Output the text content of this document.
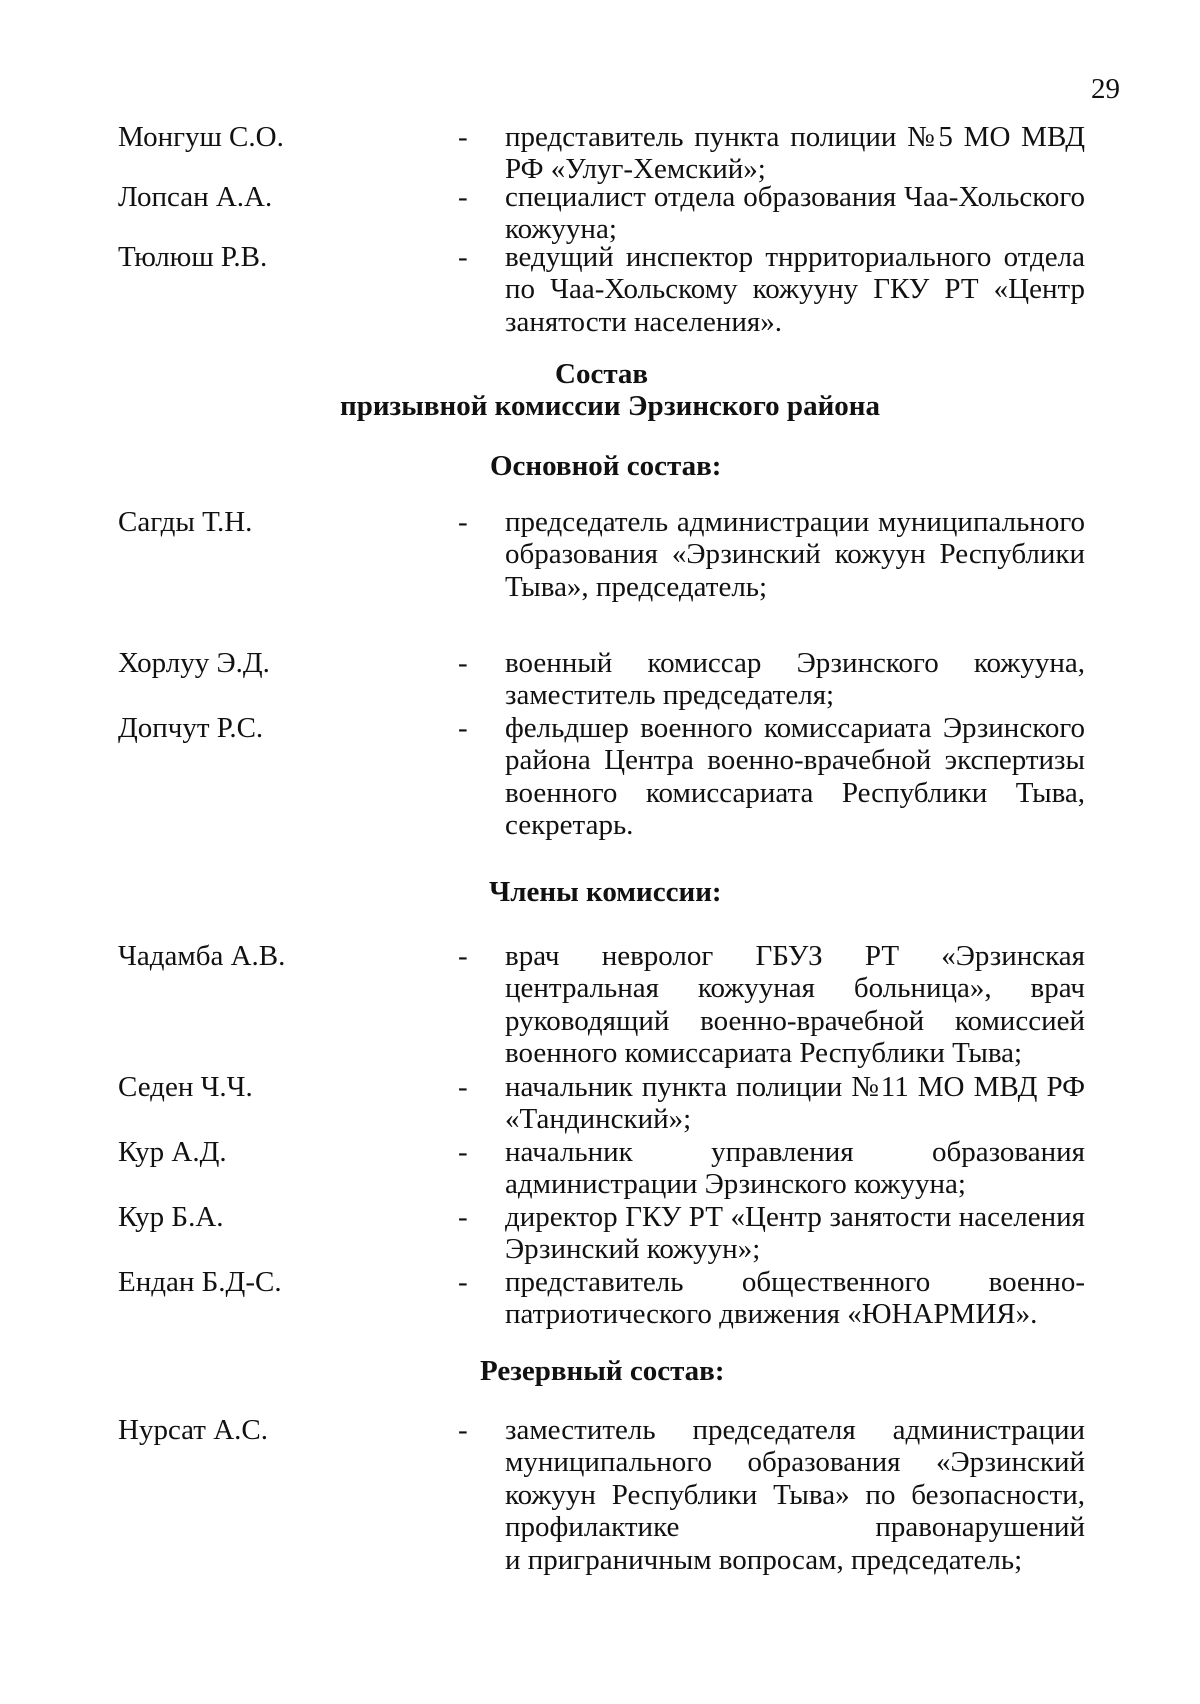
29
Монгуш С.О.	- представитель пункта полиции №5 МО МВД
РФ «Улуг-Хемский»;
Лопсан А.А.	- специалист отдела образования Чаа-Хольского
кожууна;
Тюлюш Р.В.	- ведущий инспектор тнрриториального отдела
по Чаа-Хольскому кожууну ГКУ РТ «Центр
занятости населения».
Состав
призывной комиссии Эрзинского района
Основной состав:
Сагды Т.Н.	- председатель администрации муниципального
образования «Эрзинский кожуун Республики
Тыва», председатель;
Хорлуу Э.Д.	- военный комиссар Эрзинского кожууна,
заместитель председателя;
Допчут Р.С.	- фельдшер военного комиссариата Эрзинского
района Центра военно-врачебной экспертизы
военного комиссариата Республики Тыва,
секретарь.
Члены комиссии:
Чадамба А.В.	- врач невролог ГБУЗ РТ «Эрзинская
центральная кожууная больница», врач
руководящий военно-врачебной комиссией
военного комиссариата Республики Тыва;
Седен Ч.Ч.	- начальник пункта полиции №11 МО МВД РФ
«Тандинский»;
Кур А.Д.	- начальник управления образования
администрации Эрзинского кожууна;
Кур Б.А.	- директор ГКУ РТ «Центр занятости населения
Эрзинский кожуун»;
Ендан Б.Д-С.	- представитель общественного военно-
патриотического движения «ЮНАРМИЯ».
Резервный состав:
Нурсат А.С.	- заместитель председателя администрации
муниципального образования «Эрзинский
кожуун Республики Тыва» по безопасности,
профилактике правонарушений
и приграничным вопросам, председатель;
